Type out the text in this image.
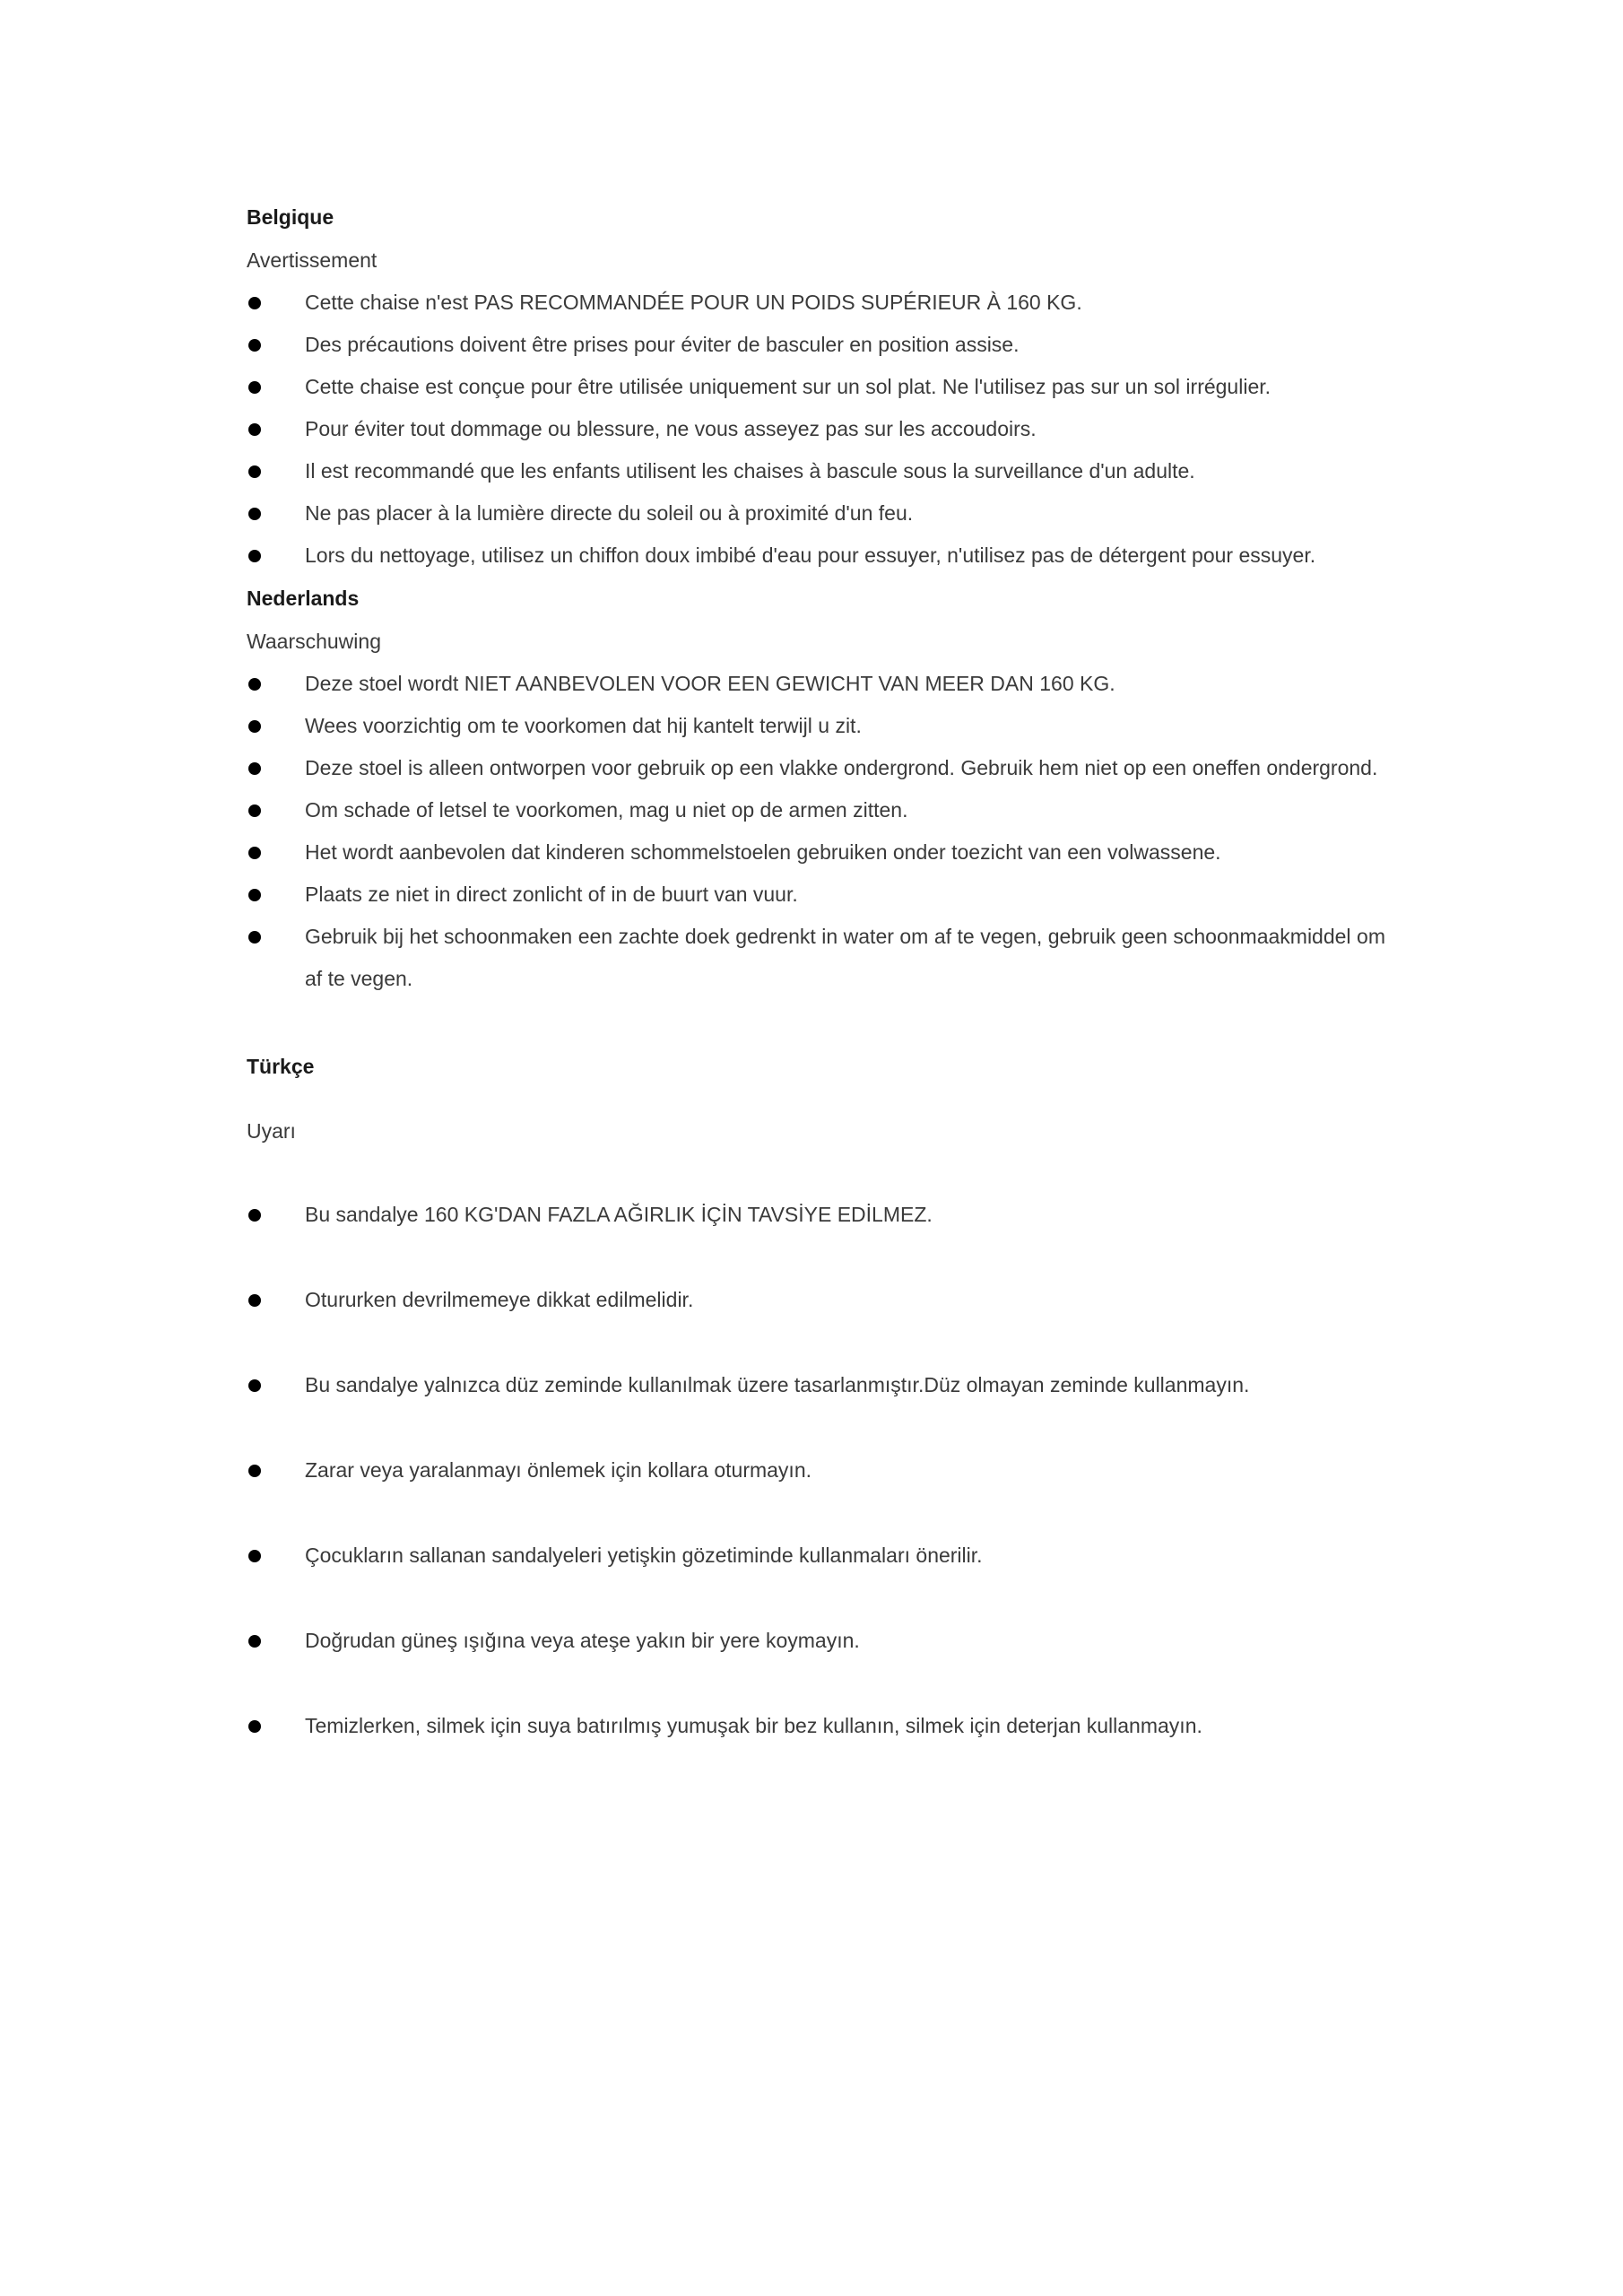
Belgique
Avertissement
Cette chaise n'est PAS RECOMMANDÉE POUR UN POIDS SUPÉRIEUR À 160 KG.
Des précautions doivent être prises pour éviter de basculer en position assise.
Cette chaise est conçue pour être utilisée uniquement sur un sol plat. Ne l'utilisez pas sur un sol irrégulier.
Pour éviter tout dommage ou blessure, ne vous asseyez pas sur les accoudoirs.
Il est recommandé que les enfants utilisent les chaises à bascule sous la surveillance d'un adulte.
Ne pas placer à la lumière directe du soleil ou à proximité d'un feu.
Lors du nettoyage, utilisez un chiffon doux imbibé d'eau pour essuyer, n'utilisez pas de détergent pour essuyer.
Nederlands
Waarschuwing
Deze stoel wordt NIET AANBEVOLEN VOOR EEN GEWICHT VAN MEER DAN 160 KG.
Wees voorzichtig om te voorkomen dat hij kantelt terwijl u zit.
Deze stoel is alleen ontworpen voor gebruik op een vlakke ondergrond. Gebruik hem niet op een oneffen ondergrond.
Om schade of letsel te voorkomen, mag u niet op de armen zitten.
Het wordt aanbevolen dat kinderen schommelstoelen gebruiken onder toezicht van een volwassene.
Plaats ze niet in direct zonlicht of in de buurt van vuur.
Gebruik bij het schoonmaken een zachte doek gedrenkt in water om af te vegen, gebruik geen schoonmaakmiddel om af te vegen.
Türkçe
Uyarı
Bu sandalye 160 KG'DAN FAZLA AĞIRLIK İÇİN TAVSİYE EDİLMEZ.
Otururken devrilmemeye dikkat edilmelidir.
Bu sandalye yalnızca düz zeminde kullanılmak üzere tasarlanmıştır.Düz olmayan zeminde kullanmayın.
Zarar veya yaralanmayı önlemek için kollara oturmayın.
Çocukların sallanan sandalyeleri yetişkin gözetiminde kullanmaları önerilir.
Doğrudan güneş ışığına veya ateşe yakın bir yere koymayın.
Temizlerken, silmek için suya batırılmış yumuşak bir bez kullanın, silmek için deterjan kullanmayın.
